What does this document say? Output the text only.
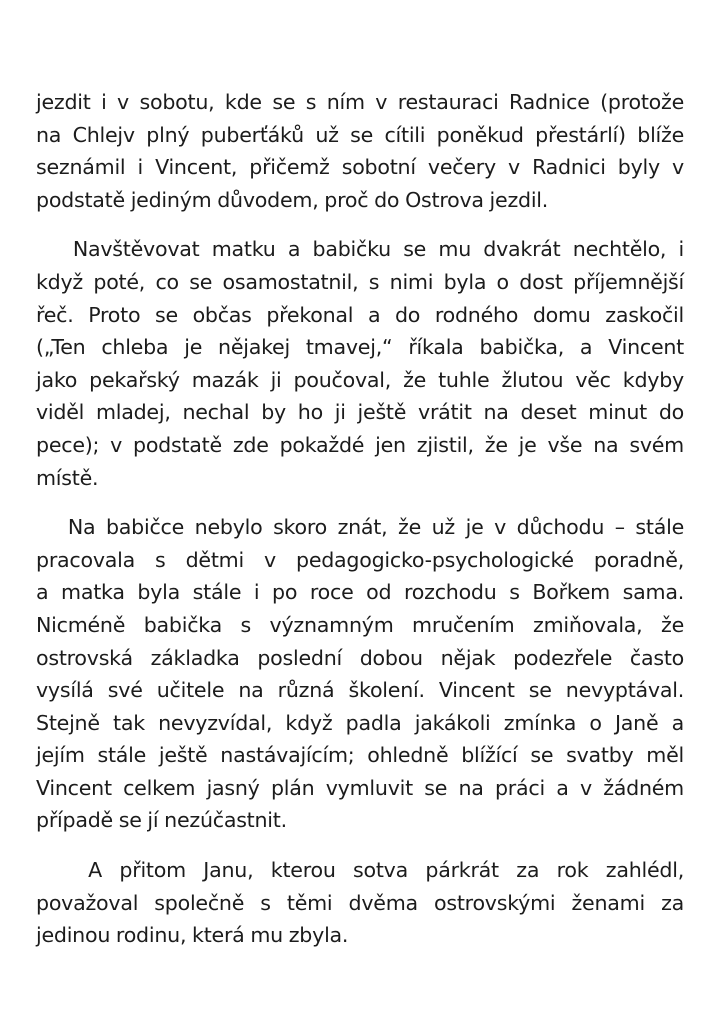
jezdit i v sobotu, kde se s ním v restauraci Radnice (protože
na Chlejv plný puberťáků už se cítili poněkud přestárlí) blíže
seznámil i Vincent, přičemž sobotní večery v Radnici byly v
podstatě jediným důvodem, proč do Ostrova jezdil.
Navštěvovat matku a babičku se mu dvakrát nechtělo, i
když poté, co se osamostatnil, s nimi byla o dost příjemnější
řeč. Proto se občas překonal a do rodného domu zaskočil
(„Ten chleba je nějakej tmavej,“ říkala babička, a Vincent
jako pekařský mazák ji poučoval, že tuhle žlutou věc kdyby
viděl mladej, nechal by ho ji ještě vrátit na deset minut do
pece); v podstatě zde pokaždé jen zjistil, že je vše na svém
místě.
Na babičce nebylo skoro znát, že už je v důchodu – stále
pracovala s dětmi v pedagogicko-psychologické poradně,
a matka byla stále i po roce od rozchodu s Bořkem sama.
Nicméně babička s významným mručením zmiňovala, že
ostrovská základka poslední dobou nějak podezřele často
vysílá své učitele na různá školení. Vincent se nevyptával.
Stejně tak nevyzvídal, když padla jakákoli zmínka o Janě a
jejím stále ještě nastávajícím; ohledně blížící se svatby měl
Vincent celkem jasný plán vymluvit se na práci a v žádném
případě se jí nezúčastnit.
A přitom Janu, kterou sotva párkrát za rok zahlédl,
považoval společně s těmi dvěma ostrovskými ženami za
jedinou rodinu, která mu zbyla.
